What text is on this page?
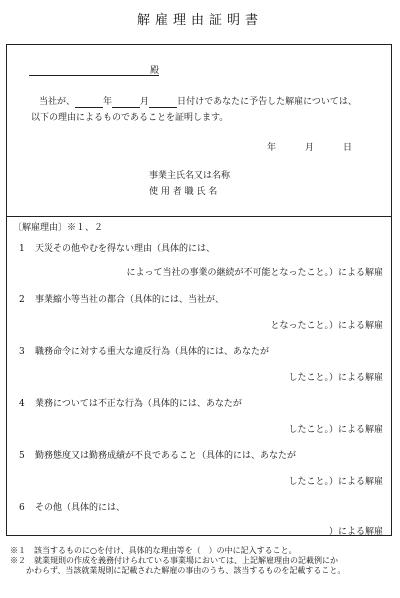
解雇理由証明書
殿
当社が、	年	月	日付けであなたに予告した解雇については、
以下の理由によるものであることを証明します。
年	月	日
事業主氏名又は名称
使 用 者 職 氏 名
〔解雇理由〕※１、２
1 天災その他やむを得ない理由（具体的には、
によって当社の事業の継続が不可能となったこと。）による解雇
2 事業縮小等当社の都合（具体的には、当社が、
となったこと。）による解雇
3 職務命令に対する重大な違反行為（具体的には、あなたが
したこと。）による解雇
4 業務については不正な行為（具体的には、あなたが
したこと。）による解雇
5 勤務態度又は勤務成績が不良であること（具体的には、あなたが
したこと。）による解雇
6 その他（具体的には、
）による解雇
※１　該当するものに○を付け、具体的な理由等を（　）の中に記入すること。
※２　就業規則の作成を義務付けられている事業場においては、上記解雇理由の記載例にか
かわらず、当該就業規則に記載された解雇の事由のうち、該当するものを記載すること。
